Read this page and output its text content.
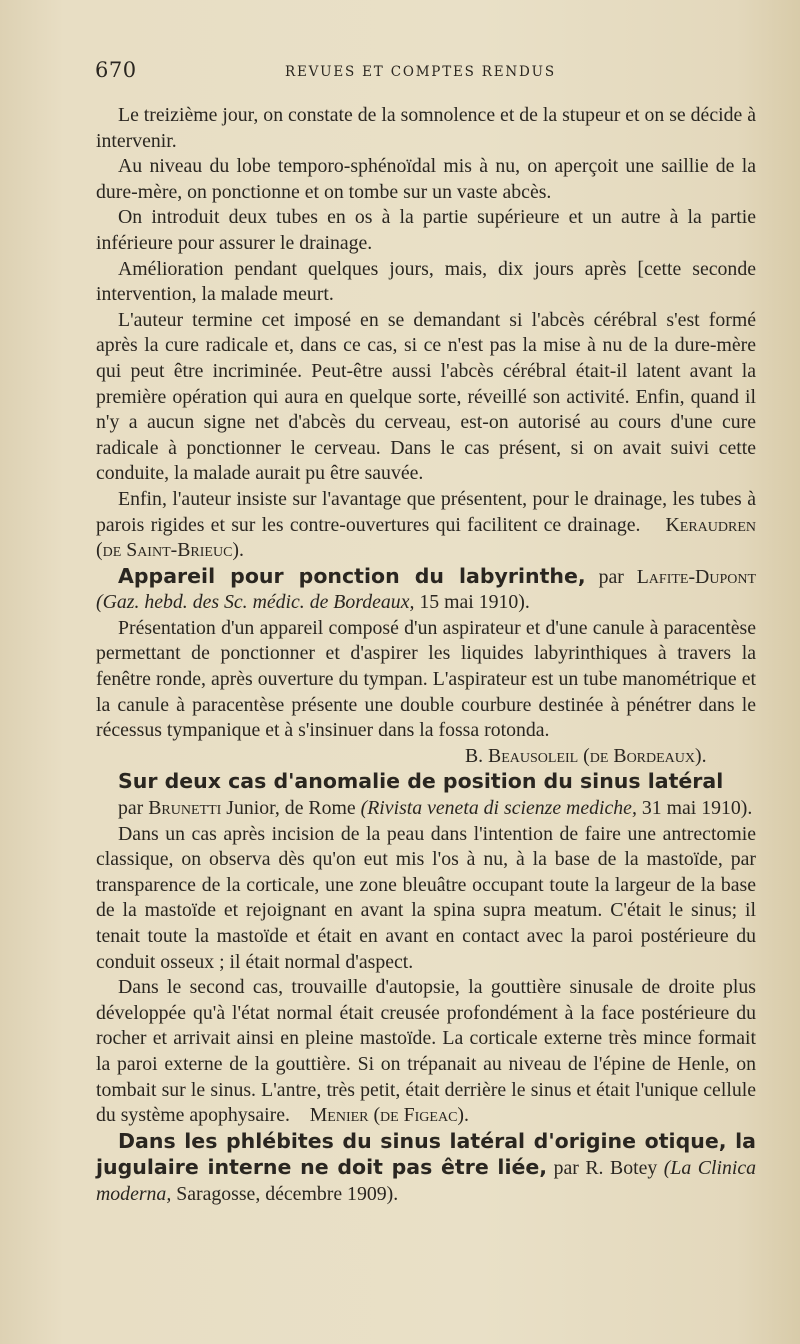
670	REVUES ET COMPTES RENDUS

Le treizième jour, on constate de la somnolence et de la stupeur et on se décide à intervenir.

Au niveau du lobe temporo-sphénoïdal mis à nu, on aperçoit une saillie de la dure-mère, on ponctionne et on tombe sur un vaste abcès.

On introduit deux tubes en os à la partie supérieure et un autre à la partie inférieure pour assurer le drainage.

Amélioration pendant quelques jours, mais, dix jours après [cette seconde intervention, la malade meurt.

L'auteur termine cet imposé en se demandant si l'abcès cérébral s'est formé après la cure radicale et, dans ce cas, si ce n'est pas la mise à nu de la dure-mère qui peut être incriminée. Peut-être aussi l'abcès cérébral était-il latent avant la première opération qui aura en quelque sorte, réveillé son activité. Enfin, quand il n'y a aucun signe net d'abcès du cerveau, est-on autorisé au cours d'une cure radicale à ponctionner le cerveau. Dans le cas présent, si on avait suivi cette conduite, la malade aurait pu être sauvée.

Enfin, l'auteur insiste sur l'avantage que présentent, pour le drainage, les tubes à parois rigides et sur les contre-ouvertures qui facilitent ce drainage. Keraudren (de Saint-Brieuc).

Appareil pour ponction du labyrinthe, par Lafite-Dupont (Gaz. hebd. des Sc. médic. de Bordeaux, 15 mai 1910).

Présentation d'un appareil composé d'un aspirateur et d'une canule à paracentèse permettant de ponctionner et d'aspirer les liquides labyrinthiques à travers la fenêtre ronde, après ouverture du tympan. L'aspirateur est un tube manométrique et la canule à paracentèse présente une double courbure destinée à pénétrer dans le récessus tympanique et à s'insinuer dans la fossa rotonda.

B. Beausoleil (de Bordeaux).

Sur deux cas d'anomalie de position du sinus latéral
par Brunetti Junior, de Rome (Rivista veneta di scienze mediche, 31 mai 1910).

Dans un cas après incision de la peau dans l'intention de faire une antrectomie classique, on observa dès qu'on eut mis l'os à nu, à la base de la mastoïde, par transparence de la corticale, une zone bleuâtre occupant toute la largeur de la base de la mastoïde et rejoignant en avant la spina supra meatum. C'était le sinus; il tenait toute la mastoïde et était en avant en contact avec la paroi postérieure du conduit osseux ; il était normal d'aspect.

Dans le second cas, trouvaille d'autopsie, la gouttière sinusale de droite plus développée qu'à l'état normal était creusée profondément à la face postérieure du rocher et arrivait ainsi en pleine mastoïde. La corticale externe très mince formait la paroi externe de la gouttière. Si on trépanait au niveau de l'épine de Henle, on tombait sur le sinus. L'antre, très petit, était derrière le sinus et était l'unique cellule du système apophysaire. Menier (de Figeac).

Dans les phlébites du sinus latéral d'origine otique, la jugulaire interne ne doit pas être liée, par R. Botey (La Clinica moderna, Saragosse, décembre 1909).
